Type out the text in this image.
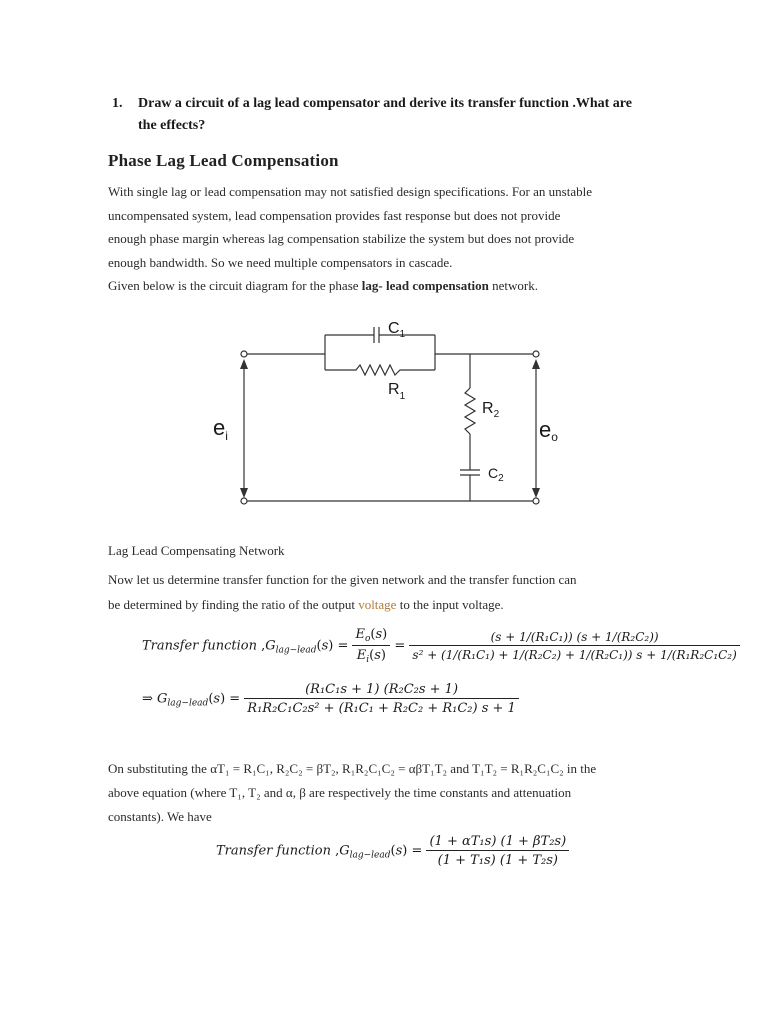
1. Draw a circuit of a lag lead compensator and derive its transfer function .What are
the effects?
Phase Lag Lead Compensation

With single lag or lead compensation may not satisfied design specifications. For an unstable

uncompensated system, lead compensation provides fast response but does not provide

enough phase margin whereas lag compensation stabilize the system but does not provide

enough bandwidth. So we need multiple compensators in cascade.

Given below is the circuit diagram for the phase lag- lead compensation network.

$C_1$
$R_1$
$R_2$
$C_2$
$e_i$	eo
Lag Lead Compensating Network

Now let us determine transfer function for the given network and the transfer function can

be determined by finding the ratio of the output voltage to the input voltage.

Transfer function $,G_{lag-lead}(s) = \frac{E_o(s)}{E_i(s)} = \frac{\text{(s + 1/(R₁C₁)) (s + 1/(R₂C₂))}}{\text{s² + (1/(R₁C₁) + 1/(R₂C₂) + 1/(R₂C₁)) s + 1/(R₁R₂C₁C₂)}}$
⇒ $G_{lag-lead}(s) = \frac{\text{(R₁C₁s + 1) (R₂C₂s + 1)}}{\text{R₁R₂C₁C₂s² + (R₁C₁ + R₂C₂ + R₁C₂) s + 1}}$

On substituting the αT₁ = R₁C₁, R₂C₂ = βT₂, R₁R₂C₁C₂ = αβT₁T₂ and T₁T₂ = R₁R₂C₁C₂ in the

above equation (where T₁, T₂ and α, β are respectively the time constants and attenuation

constants). We have

Transfer function $,G_{lag-lead}(s) = \frac{\text{(1 + αT₁s) (1 + βT₂s)}}{\text{(1 + T₁s) (1 + T₂s)}}$
